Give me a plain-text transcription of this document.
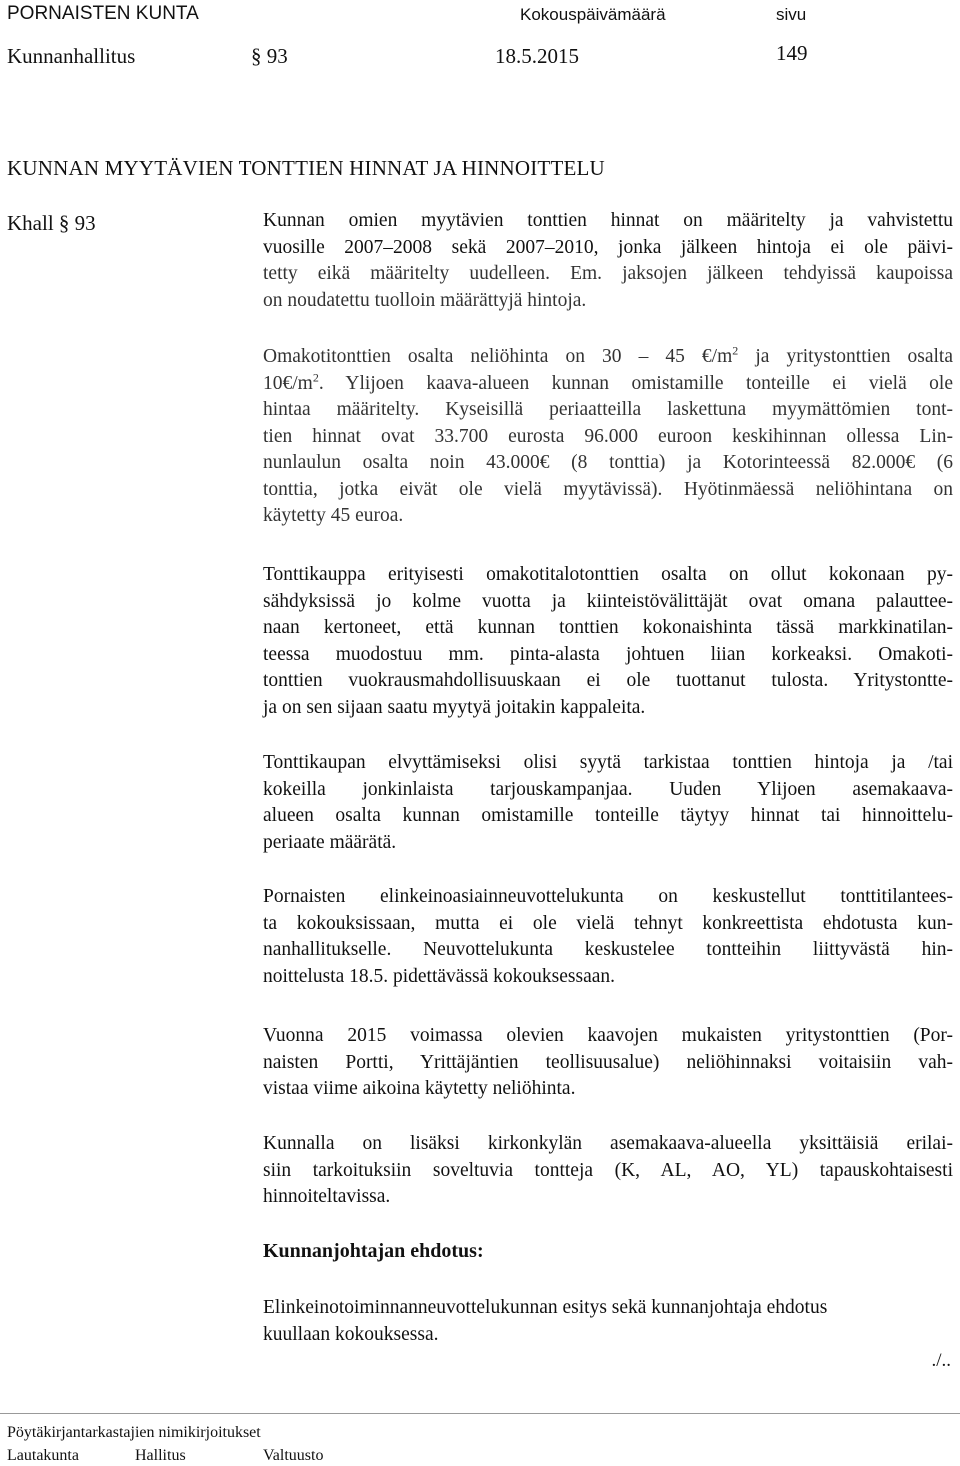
PORNAISTEN KUNTA	Kokouspäivämäärä	sivu
Kunnanhallitus	§ 93	18.5.2015	149
KUNNAN MYYTÄVIEN TONTTIEN HINNAT JA HINNOITTELU
Khall § 93	Kunnan omien myytävien tonttien hinnat on määritelty ja vahvistettu
vuosille 2007–2008 sekä 2007–2010, jonka jälkeen hintoja ei ole päivi-
tetty eikä määritelty uudelleen. Em. jaksojen jälkeen tehdyissä kaupoissa
on noudatettu tuolloin määrättyjä hintoja.
Omakotitonttien osalta neliöhinta on 30 – 45 $€/m^2$ ja yritystonttien osalta
$10€/m^2$. Ylijoen kaava-alueen kunnan omistamille tonteille ei vielä ole
hintaa määritelty. Kyseisillä periaatteilla laskettuna myymättömien tont-
tien hinnat ovat 33.700 eurosta 96.000 euroon keskihinnan ollessa Lin-
nunlaulun osalta noin 43.000€ (8 tonttia) ja Kotorinteessä 82.000€ (6
tonttia, jotka eivät ole vielä myytävissä). Hyötinmäessä neliöhintana on
käytetty 45 euroa.
Tonttikauppa erityisesti omakotitalotonttien osalta on ollut kokonaan py-
sähdyksissä jo kolme vuotta ja kiinteistövälittäjät ovat omana palauttee-
naan kertoneet, että kunnan tonttien kokonaishinta tässä markkinatilan-
teessa muodostuu mm. pinta-alasta johtuen liian korkeaksi. Omakoti-
tonttien vuokrausmahdollisuuskaan ei ole tuottanut tulosta. Yritystontte-
ja on sen sijaan saatu myytyä joitakin kappaleita.
Tonttikaupan elvyttämiseksi olisi syytä tarkistaa tonttien hintoja ja /tai
kokeilla jonkinlaista tarjouskampanjaa. Uuden Ylijoen asemakaava-
alueen osalta kunnan omistamille tonteille täytyy hinnat tai hinnoittelu-
periaate määrätä.
Pornaisten elinkeinoasiainneuvottelukunta on keskustellut tonttitilantees-
ta kokouksissaan, mutta ei ole vielä tehnyt konkreettista ehdotusta kun-
nanhallitukselle. Neuvottelukunta keskustelee tontteihin liittyvästä hin-
noittelusta 18.5. pidettävässä kokouksessaan.
Vuonna 2015 voimassa olevien kaavojen mukaisten yritystonttien (Por-
naisten Portti, Yrittäjäntien teollisuusalue) neliöhinnaksi voitaisiin vah-
vistaa viime aikoina käytetty neliöhinta.
Kunnalla on lisäksi kirkonkylän asemakaava-alueella yksittäisiä erilai-
siin tarkoituksiin soveltuvia tontteja (K, AL, AO, YL) tapauskohtaisesti
hinnoiteltavissa.
Kunnanjohtajan ehdotus:
Elinkeinotoiminnanneuvottelukunnan esitys sekä kunnanjohtaja ehdotus
kuullaan kokouksessa.
./..
Pöytäkirjantarkastajien nimikirjoitukset
Lautakunta	Hallitus	Valtuusto
